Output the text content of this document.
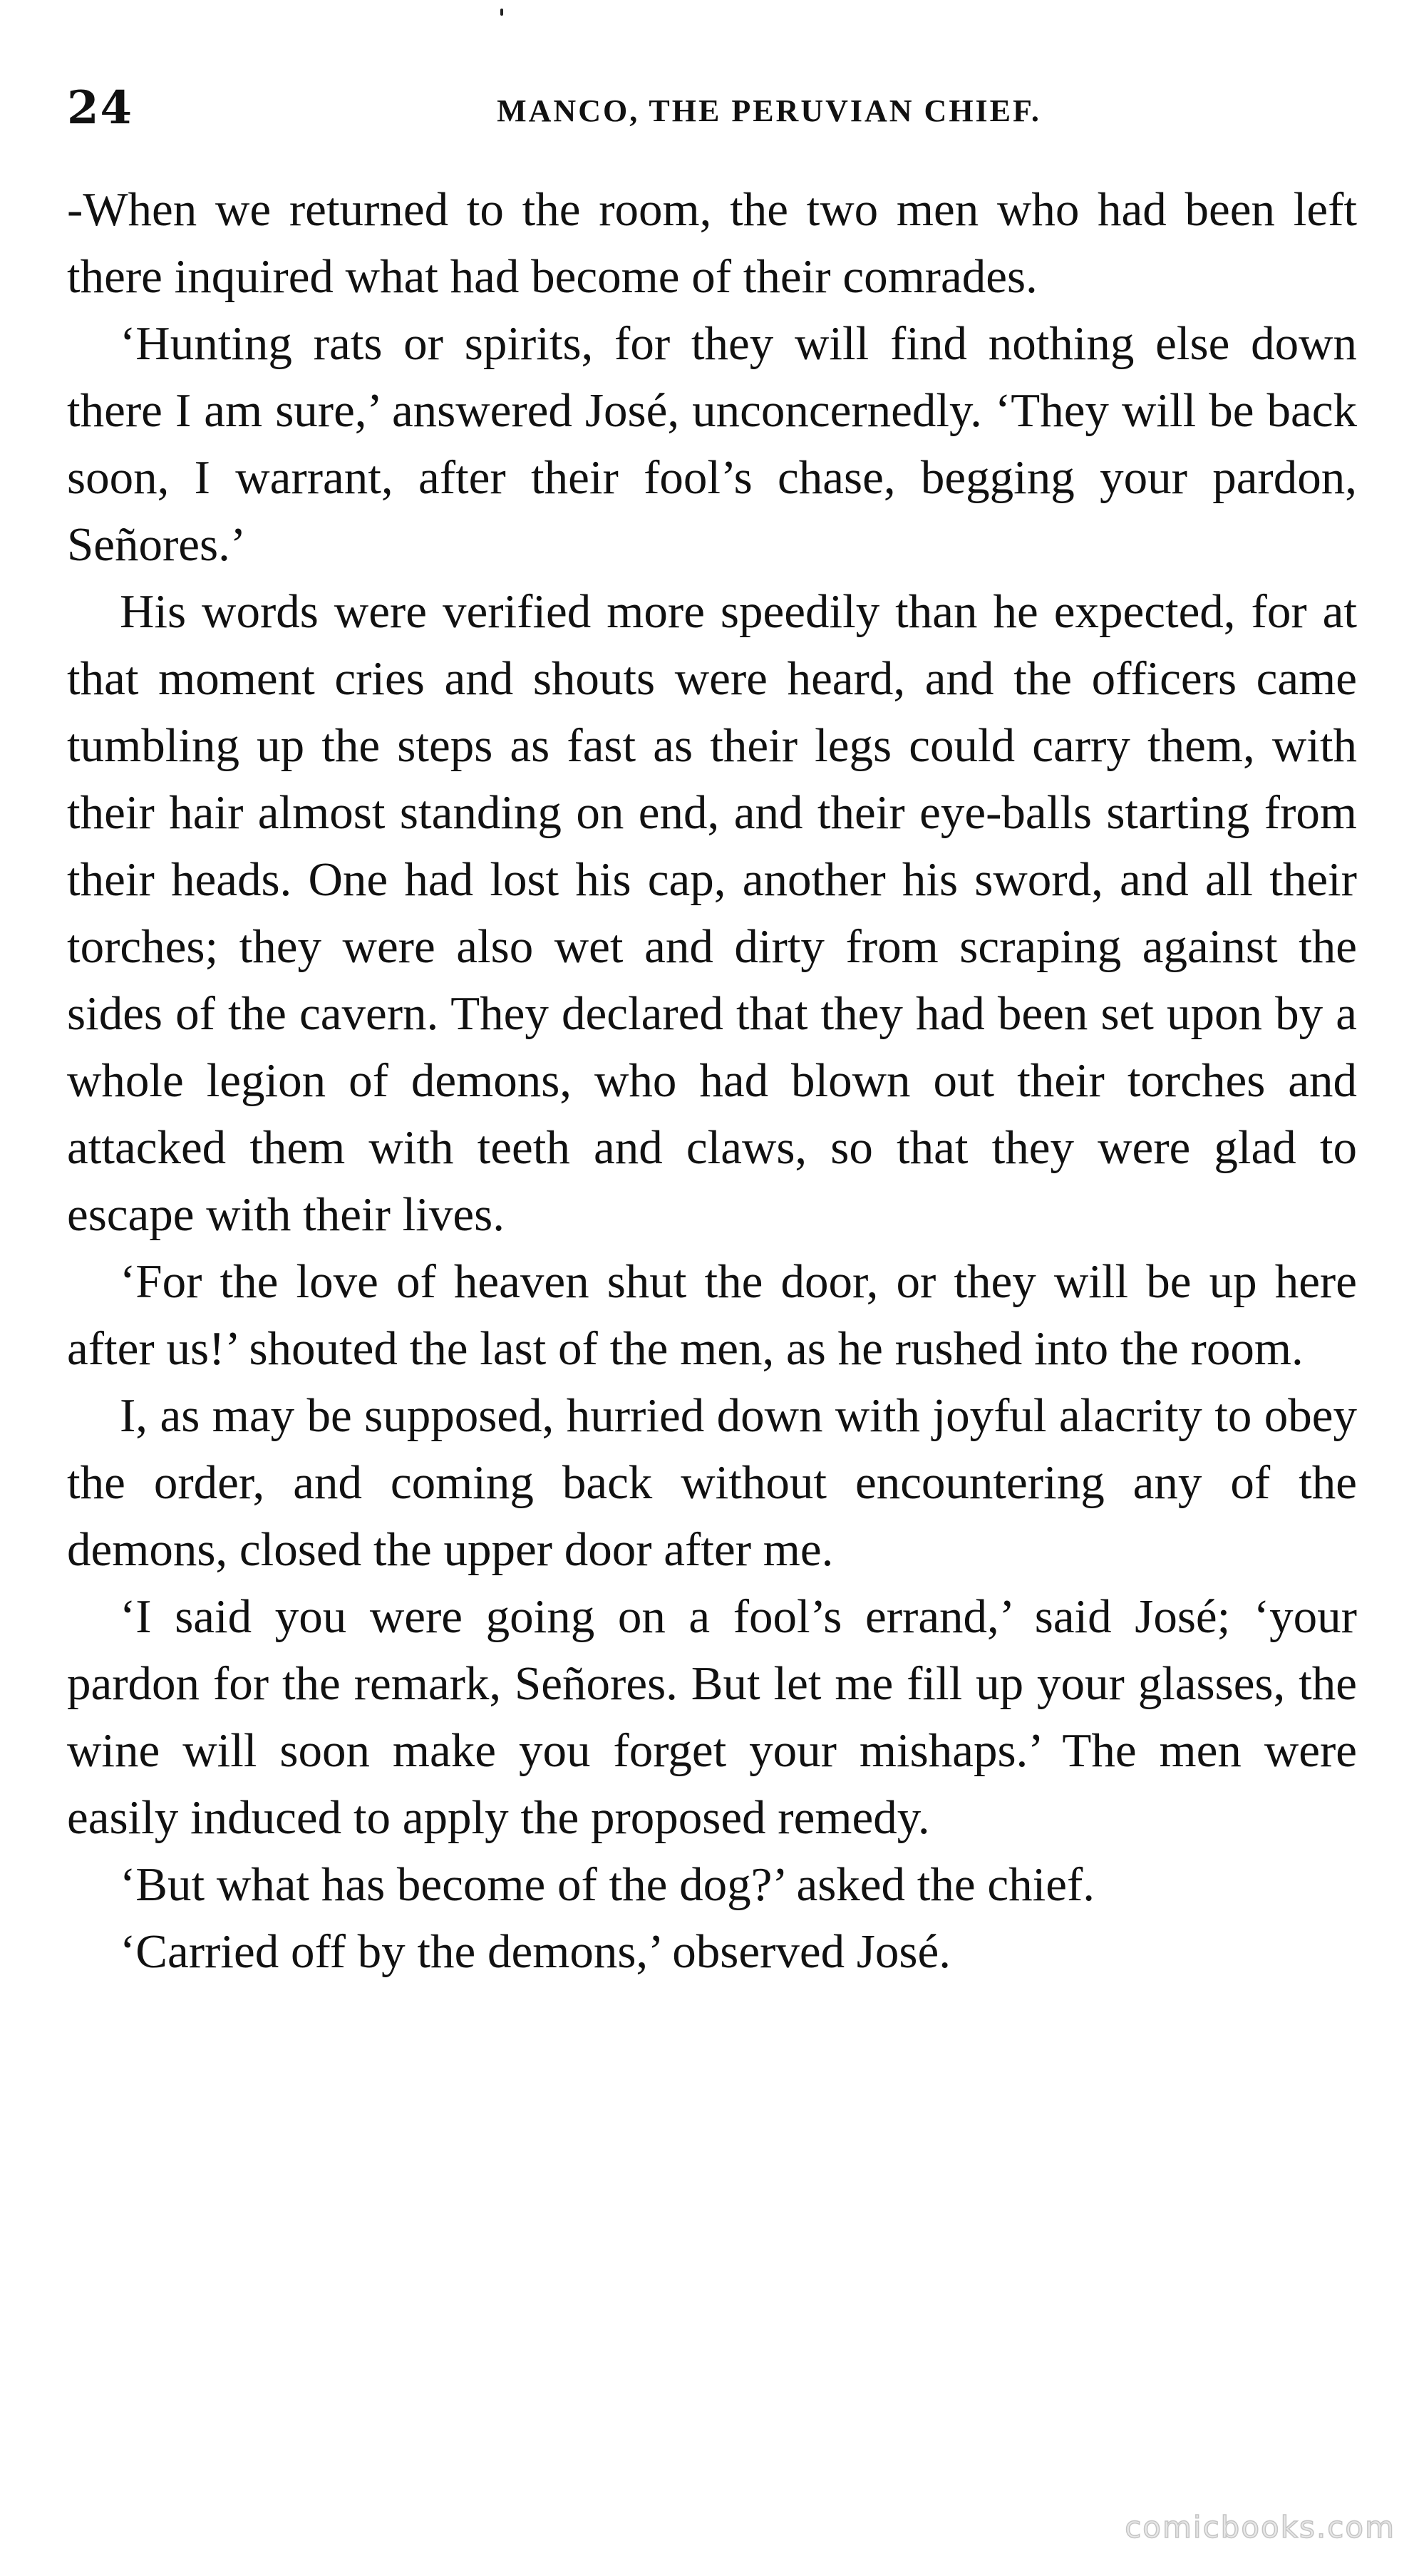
24	MANCO, THE PERUVIAN CHIEF.

-When we returned to the room, the two men who had been left there inquired what had become of their comrades.

‘Hunting rats or spirits, for they will find nothing else down there I am sure,’ answered José, unconcernedly. ‘They will be back soon, I warrant, after their fool’s chase, begging your pardon, Señores.’

His words were verified more speedily than he expected, for at that moment cries and shouts were heard, and the officers came tumbling up the steps as fast as their legs could carry them, with their hair almost standing on end, and their eye-balls starting from their heads. One had lost his cap, another his sword, and all their torches; they were also wet and dirty from scraping against the sides of the cavern. They declared that they had been set upon by a whole legion of demons, who had blown out their torches and attacked them with teeth and claws, so that they were glad to escape with their lives.

‘For the love of heaven shut the door, or they will be up here after us!’ shouted the last of the men, as he rushed into the room.

I, as may be supposed, hurried down with joyful alacrity to obey the order, and coming back without encountering any of the demons, closed the upper door after me.

‘I said you were going on a fool’s errand,’ said José; ‘your pardon for the remark, Señores. But let me fill up your glasses, the wine will soon make you forget your mishaps.’ The men were easily induced to apply the proposed remedy.

‘But what has become of the dog?’ asked the chief.

‘Carried off by the demons,’ observed José.

comicbooks.com
